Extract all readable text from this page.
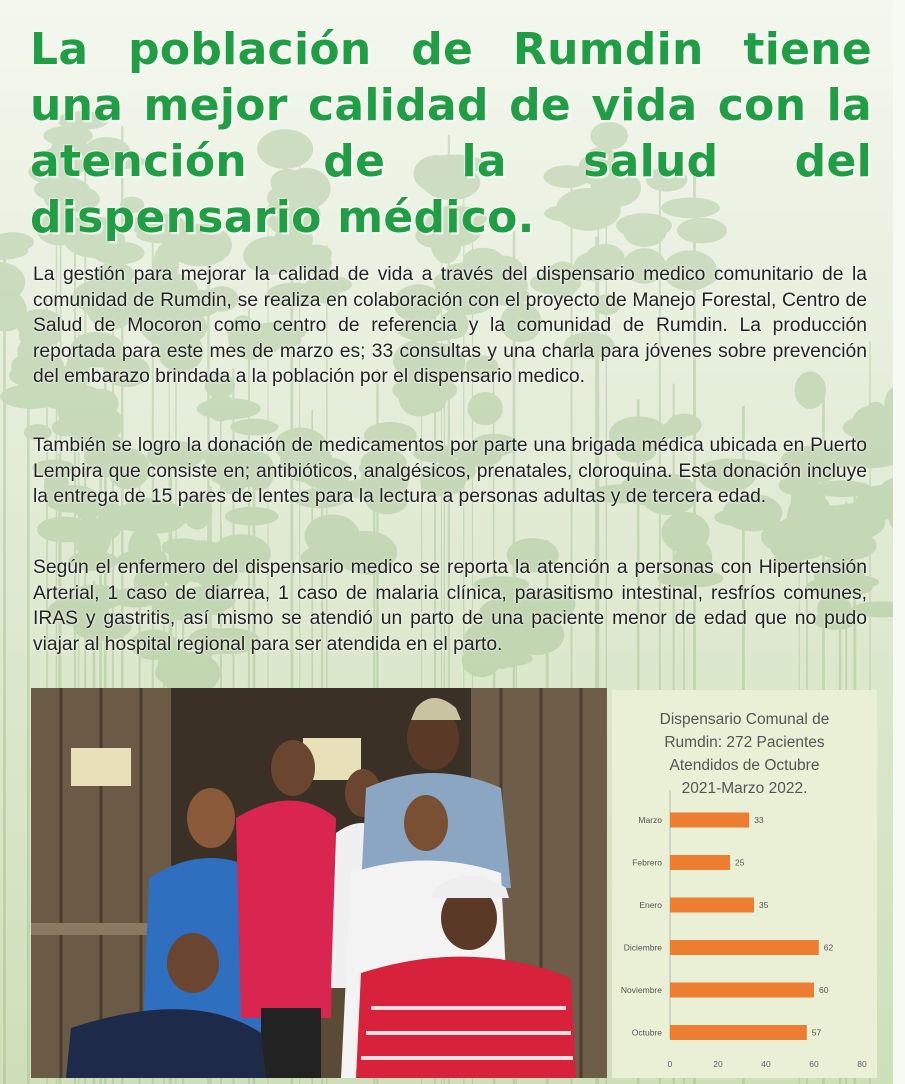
La población de Rumdin tiene una mejor calidad de vida con la atención de la salud del dispensario médico.

La gestión para mejorar la calidad de vida a través del dispensario medico comunitario de la comunidad de Rumdin, se realiza en colaboración con el proyecto de Manejo Forestal, Centro de Salud de Mocoron como centro de referencia y la comunidad de Rumdin. La producción reportada para este mes de marzo es; 33 consultas y una charla para jóvenes sobre prevención del embarazo brindada a la población por el dispensario medico.

También se logro la donación de medicamentos por parte una brigada médica ubicada en Puerto Lempira que consiste en; antibióticos, analgésicos, prenatales, cloroquina. Esta donación incluye la entrega de 15 pares de lentes para la lectura a personas adultas y de tercera edad.

Según el enfermero del dispensario medico se reporta la atención a personas con Hipertensión Arterial, 1 caso de diarrea, 1 caso de malaria clínica, parasitismo intestinal, resfríos comunes, IRAS y gastritis, así mismo se atendió un parto de una paciente menor de edad que no pudo viajar al hospital regional para ser atendida en el parto.

Marzo	33
Febrero	25
Enero	35
Diciembre	62
Noviembre	60
Octubre	57
0	20	40	60	80
Dispensario Comunal de
Rumdin: 272 Pacientes
Atendidos de Octubre
2021-Marzo 2022.
